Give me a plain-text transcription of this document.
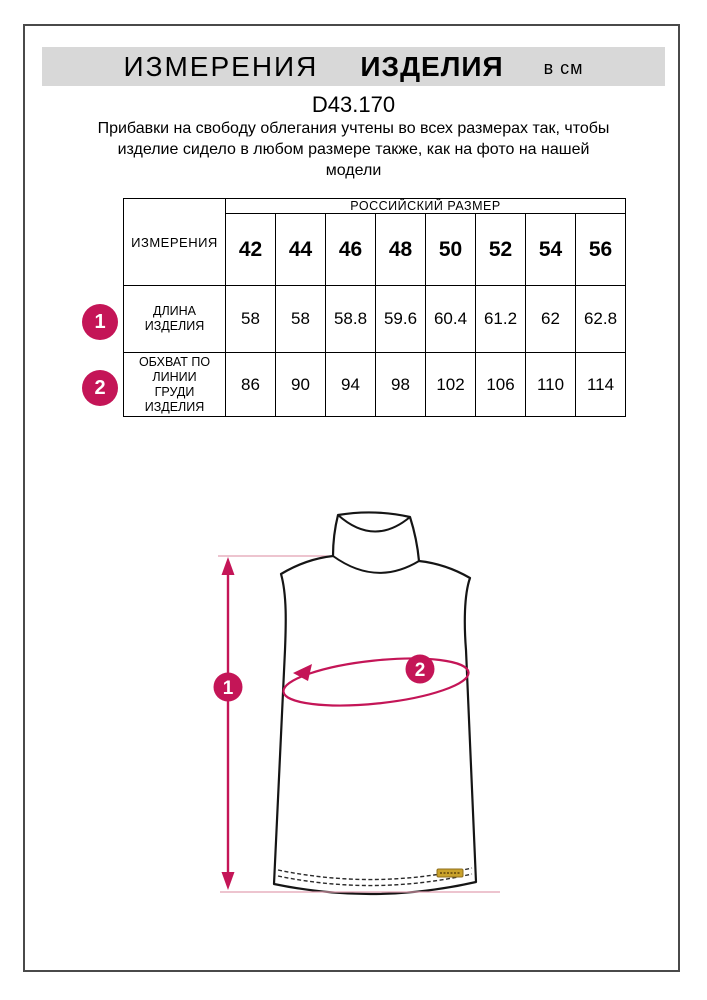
ИЗМЕРЕНИЯ ИЗДЕЛИЯ в см
D43.170
Прибавки на свободу облегания учтены во всех размерах так, чтобы
изделие сидело в любом размере также, как на фото на нашей
модели
1
2
ИЗМЕРЕНИЯ	РОССИЙСКИЙ РАЗМЕР							
	42	44	46	48	50	52	54	56
ДЛИНА ИЗДЕЛИЯ	58	58	58.8	59.6	60.4	61.2	62	62.8
ОБХВАТ ПО ЛИНИИ ГРУДИ ИЗДЕЛИЯ	86	90	94	98	102	106	110	114
1
2
